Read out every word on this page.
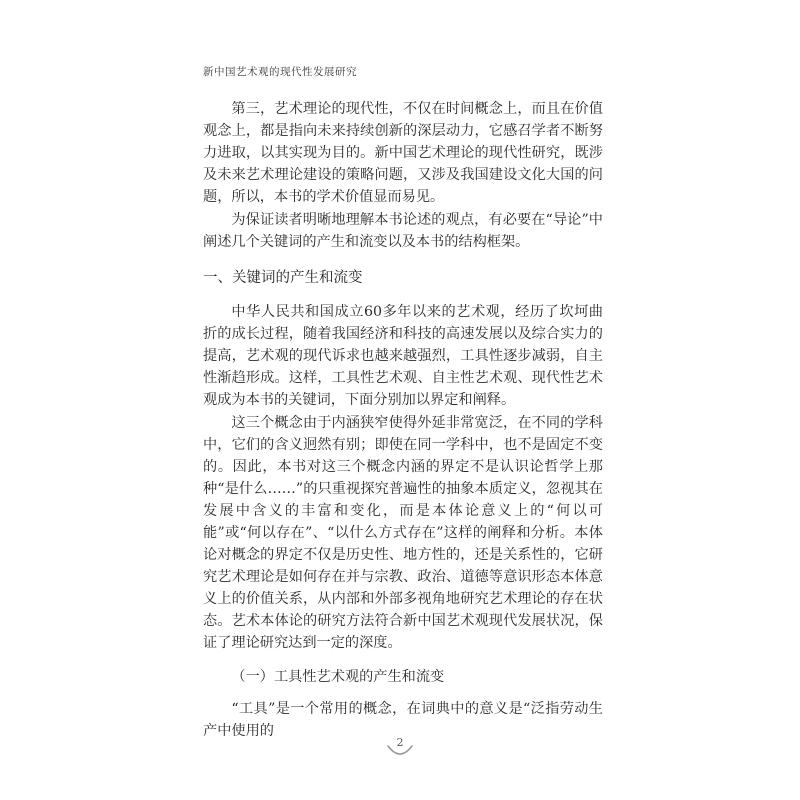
新中国艺术观的现代性发展研究

第三，艺术理论的现代性，不仅在时间概念上，而且在价值观念上，都是指向未来持续创新的深层动力，它感召学者不断努力进取，以其实现为目的。新中国艺术理论的现代性研究，既涉及未来艺术理论建设的策略问题，又涉及我国建设文化大国的问题，所以，本书的学术价值显而易见。

为保证读者明晰地理解本书论述的观点，有必要在“导论”中阐述几个关键词的产生和流变以及本书的结构框架。

一、关键词的产生和流变

中华人民共和国成立60多年以来的艺术观，经历了坎坷曲折的成长过程，随着我国经济和科技的高速发展以及综合实力的提高，艺术观的现代诉求也越来越强烈，工具性逐步减弱，自主性渐趋形成。这样，工具性艺术观、自主性艺术观、现代性艺术观成为本书的关键词，下面分别加以界定和阐释。

这三个概念由于内涵狭窄使得外延非常宽泛，在不同的学科中，它们的含义迥然有别；即使在同一学科中，也不是固定不变的。因此，本书对这三个概念内涵的界定不是认识论哲学上那种“是什么……”的只重视探究普遍性的抽象本质定义，忽视其在发展中含义的丰富和变化，而是本体论意义上的“何以可能”或“何以存在”、“以什么方式存在”这样的阐释和分析。本体论对概念的界定不仅是历史性、地方性的，还是关系性的，它研究艺术理论是如何存在并与宗教、政治、道德等意识形态本体意义上的价值关系，从内部和外部多视角地研究艺术理论的存在状态。艺术本体论的研究方法符合新中国艺术观现代发展状况，保证了理论研究达到一定的深度。

（一）工具性艺术观的产生和流变

“工具”是一个常用的概念，在词典中的意义是“泛指劳动生产中使用的

2
